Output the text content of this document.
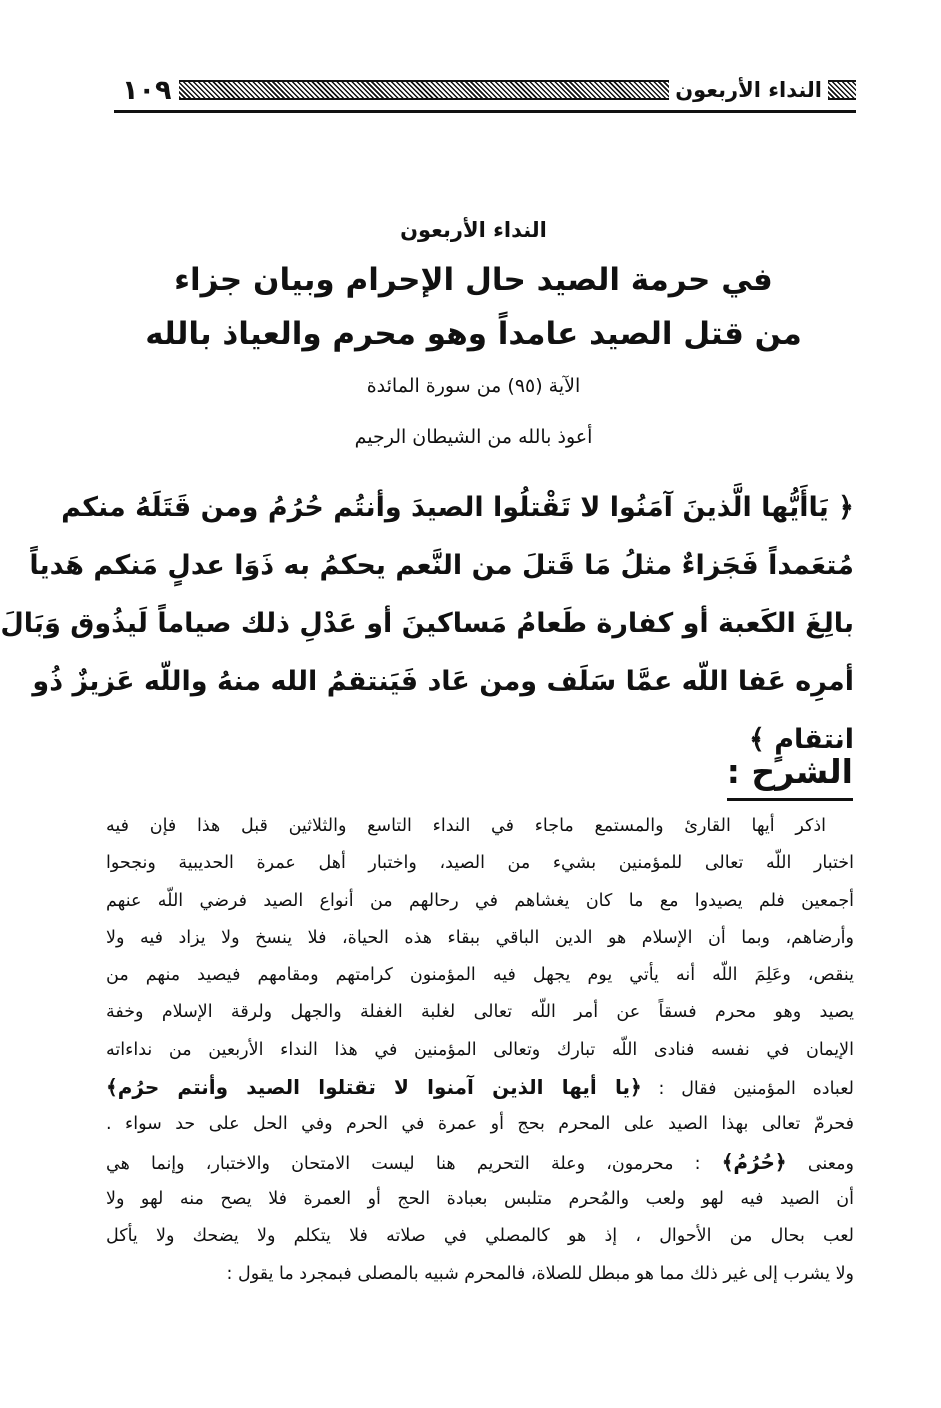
النداء الأربعون
١٠٩
النداء الأربعون
في حرمة الصيد حال الإحرام وبيان جزاء
من قتل الصيد عامداً وهو محرم والعياذ بالله
الآية (٩٥) من سورة المائدة
أعوذ بالله من الشيطان الرجيم
﴿ يَاأَيُّها الَّذينَ آمَنُوا لا تَقْتلُوا الصيدَ وأنتُم حُرُمُ ومن قَتَلَهُ منكم
مُتعَمداً فَجَزاءٌ مثلُ مَا قَتلَ من النَّعم يحكمُ به ذَوَا عدلٍ مَنكم هَدياً
بالِغَ الكَعبة أو كفارة طَعامُ مَساكينَ أو عَدْلِ ذلك صياماً لَيذُوق وَبَالَ
أمرِه عَفا اللّه عمَّا سَلَف ومن عَاد فَيَنتقمُ الله منهُ واللّه عَزيزٌ ذُو
انتقامٍ ﴾
الشرح :
اذكر أيها القارئ والمستمع ماجاء في النداء التاسع والثلاثين قبل هذا فإن فيه
اختبار اللّه تعالى للمؤمنين بشيء من الصيد، واختبار أهل عمرة الحديبية ونجحوا
أجمعين فلم يصيدوا مع ما كان يغشاهم في رحالهم من أنواع الصيد فرضي اللّه عنهم
وأرضاهم، وبما أن الإسلام هو الدين الباقي ببقاء هذه الحياة، فلا ينسخ ولا يزاد فيه ولا
ينقص، وعَلِمَ اللّه أنه يأتي يوم يجهل فيه المؤمنون كرامتهم ومقامهم فيصيد منهم من
يصيد وهو محرم فسقاً عن أمر اللّه تعالى لغلبة الغفلة والجهل ولرقة الإسلام وخفة
الإيمان في نفسه فنادى اللّه تبارك وتعالى المؤمنين في هذا النداء الأربعين من نداءاته
لعباده المؤمنين فقال : ﴿يا أيها الذين آمنوا لا تقتلوا الصيد وأنتم حرُم﴾
فحرمّ تعالى بهذا الصيد على المحرم بحج أو عمرة في الحرم وفي الحل على حد سواء .
ومعنى ﴿حُرُمُ﴾ : محرمون، وعلة التحريم هنا ليست الامتحان والاختبار، وإنما هي
أن الصيد فيه لهو ولعب والمُحرم متلبس بعبادة الحج أو العمرة فلا يصح منه لهو ولا
لعب بحال من الأحوال ، إذ هو كالمصلي في صلاته فلا يتكلم ولا يضحك ولا يأكل
ولا يشرب إلى غير ذلك مما هو مبطل للصلاة، فالمحرم شبيه بالمصلى فبمجرد ما يقول :
